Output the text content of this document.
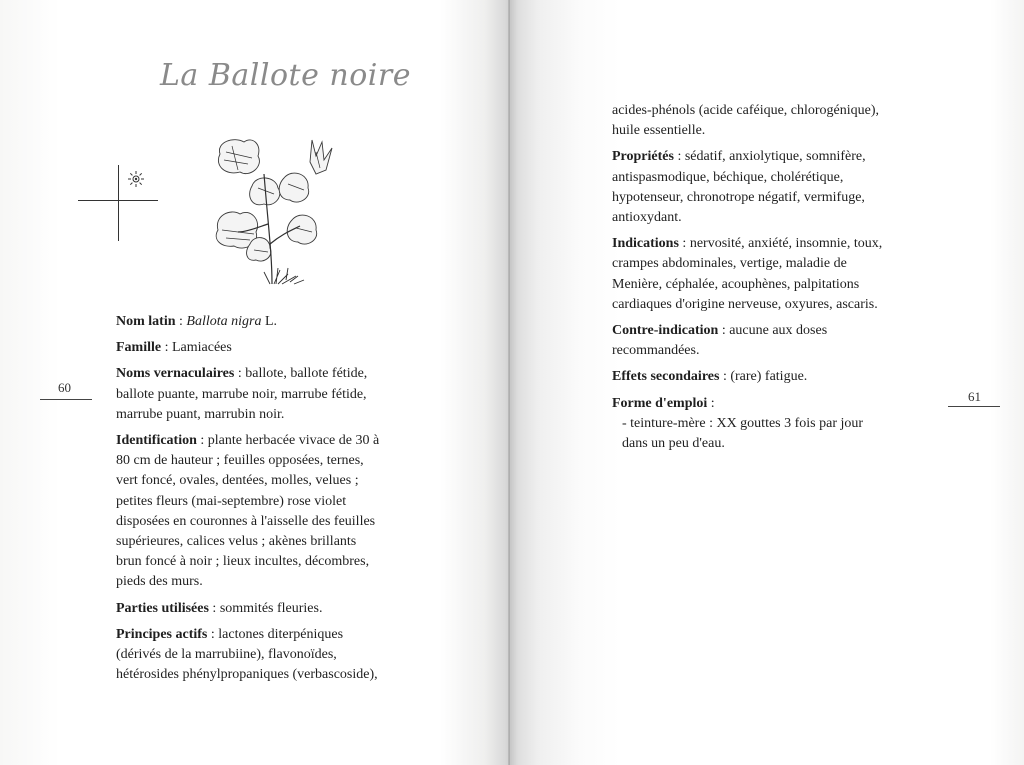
La Ballote noire

Nom latin : Ballota nigra L.

Famille : Lamiacées

Noms vernaculaires : ballote, ballote fétide,
ballote puante, marrube noir, marrube fétide,
marrube puant, marrubin noir.

Identification : plante herbacée vivace de 30 à
80 cm de hauteur ; feuilles opposées, ternes,
vert foncé, ovales, dentées, molles, velues ;
petites fleurs (mai-septembre) rose violet
disposées en couronnes à l'aisselle des feuilles
supérieures, calices velus ; akènes brillants
brun foncé à noir ; lieux incultes, décombres,
pieds des murs.

Parties utilisées : sommités fleuries.

Principes actifs : lactones diterpéniques
(dérivés de la marrubiine), flavonoïdes,
hétérosides phénylpropaniques (verbascoside),

60

acides-phénols (acide caféique, chlorogénique),
huile essentielle.

Propriétés : sédatif, anxiolytique, somnifère,
antispasmodique, béchique, cholérétique,
hypotenseur, chronotrope négatif, vermifuge,
antioxydant.

Indications : nervosité, anxiété, insomnie, toux,
crampes abdominales, vertige, maladie de
Menière, céphalée, acouphènes, palpitations
cardiaques d'origine nerveuse, oxyures, ascaris.

Contre-indication : aucune aux doses
recommandées.

Effets secondaires : (rare) fatigue.

Forme d'emploi :
- teinture-mère : XX gouttes 3 fois par jour
dans un peu d'eau.

61
